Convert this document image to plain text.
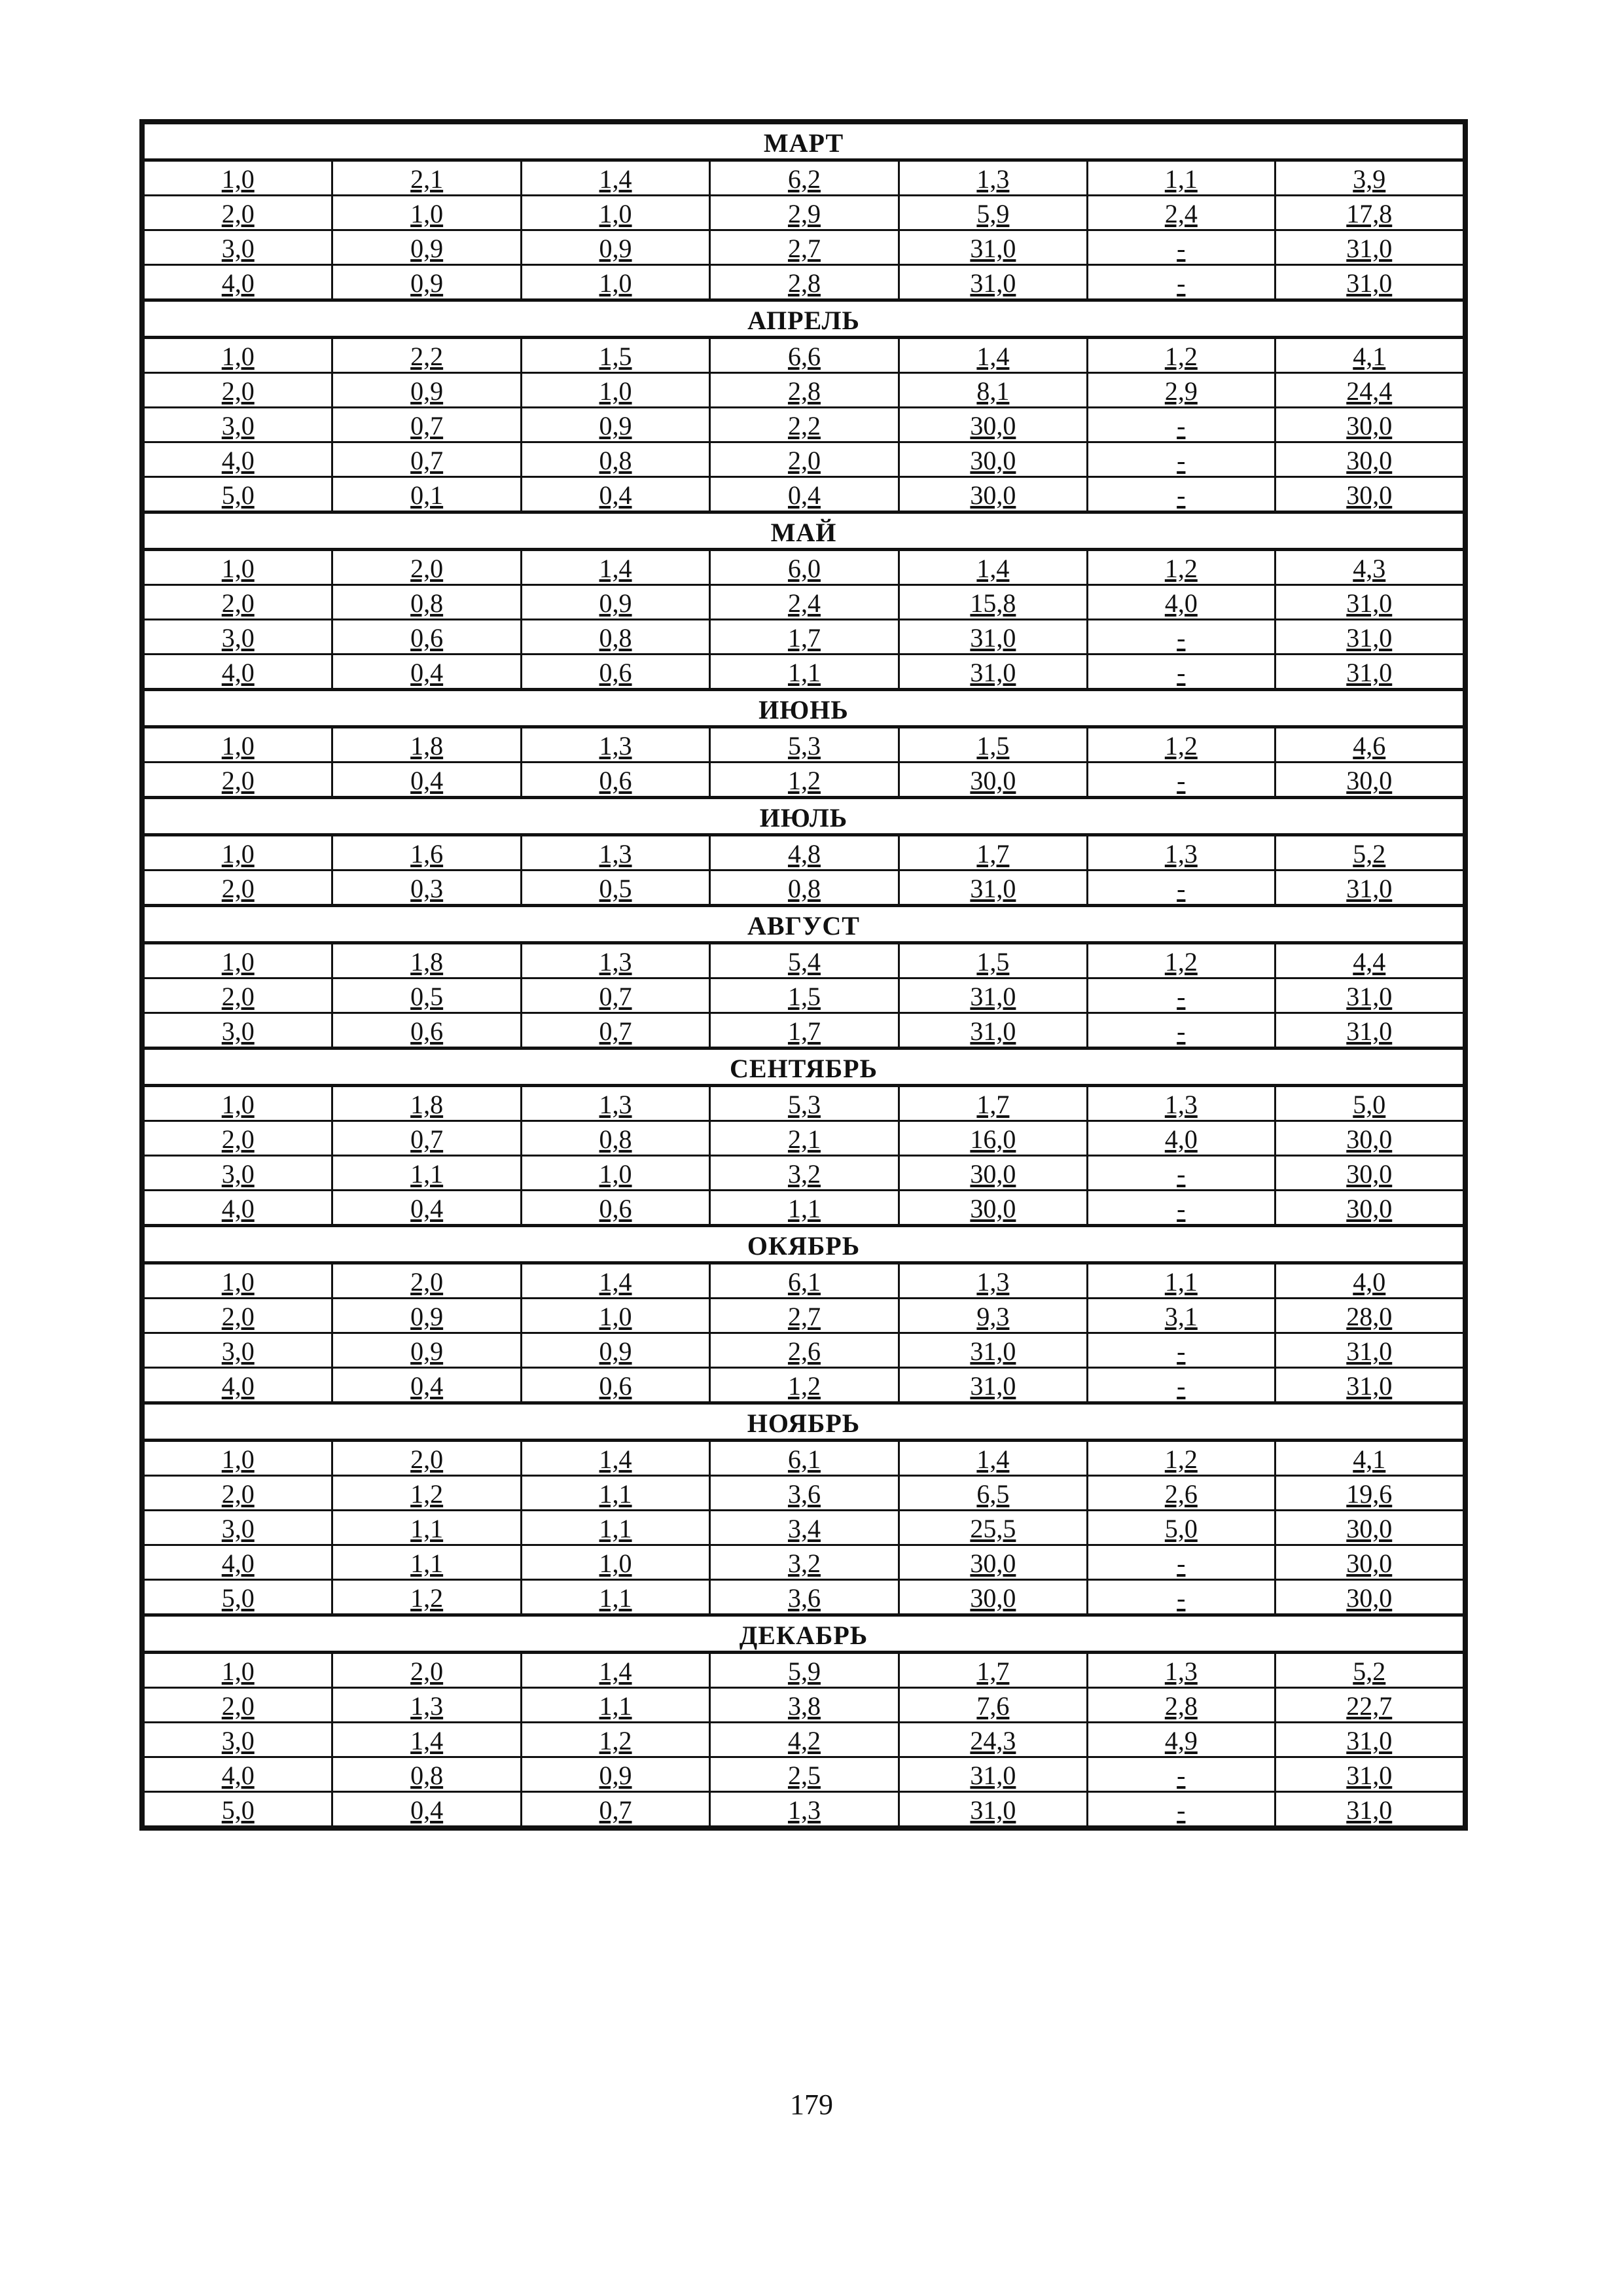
МАРТ						
1,0	2,1	1,4	6,2	1,3	1,1	3,9
2,0	1,0	1,0	2,9	5,9	2,4	17,8
3,0	0,9	0,9	2,7	31,0	-	31,0
4,0	0,9	1,0	2,8	31,0	-	31,0
АПРЕЛЬ						
1,0	2,2	1,5	6,6	1,4	1,2	4,1
2,0	0,9	1,0	2,8	8,1	2,9	24,4
3,0	0,7	0,9	2,2	30,0	-	30,0
4,0	0,7	0,8	2,0	30,0	-	30,0
5,0	0,1	0,4	0,4	30,0	-	30,0
МАЙ						
1,0	2,0	1,4	6,0	1,4	1,2	4,3
2,0	0,8	0,9	2,4	15,8	4,0	31,0
3,0	0,6	0,8	1,7	31,0	-	31,0
4,0	0,4	0,6	1,1	31,0	-	31,0
ИЮНЬ						
1,0	1,8	1,3	5,3	1,5	1,2	4,6
2,0	0,4	0,6	1,2	30,0	-	30,0
ИЮЛЬ						
1,0	1,6	1,3	4,8	1,7	1,3	5,2
2,0	0,3	0,5	0,8	31,0	-	31,0
АВГУСТ						
1,0	1,8	1,3	5,4	1,5	1,2	4,4
2,0	0,5	0,7	1,5	31,0	-	31,0
3,0	0,6	0,7	1,7	31,0	-	31,0
СЕНТЯБРЬ						
1,0	1,8	1,3	5,3	1,7	1,3	5,0
2,0	0,7	0,8	2,1	16,0	4,0	30,0
3,0	1,1	1,0	3,2	30,0	-	30,0
4,0	0,4	0,6	1,1	30,0	-	30,0
ОКЯБРЬ						
1,0	2,0	1,4	6,1	1,3	1,1	4,0
2,0	0,9	1,0	2,7	9,3	3,1	28,0
3,0	0,9	0,9	2,6	31,0	-	31,0
4,0	0,4	0,6	1,2	31,0	-	31,0
НОЯБРЬ						
1,0	2,0	1,4	6,1	1,4	1,2	4,1
2,0	1,2	1,1	3,6	6,5	2,6	19,6
3,0	1,1	1,1	3,4	25,5	5,0	30,0
4,0	1,1	1,0	3,2	30,0	-	30,0
5,0	1,2	1,1	3,6	30,0	-	30,0
ДЕКАБРЬ						
1,0	2,0	1,4	5,9	1,7	1,3	5,2
2,0	1,3	1,1	3,8	7,6	2,8	22,7
3,0	1,4	1,2	4,2	24,3	4,9	31,0
4,0	0,8	0,9	2,5	31,0	-	31,0
5,0	0,4	0,7	1,3	31,0	-	31,0
179
